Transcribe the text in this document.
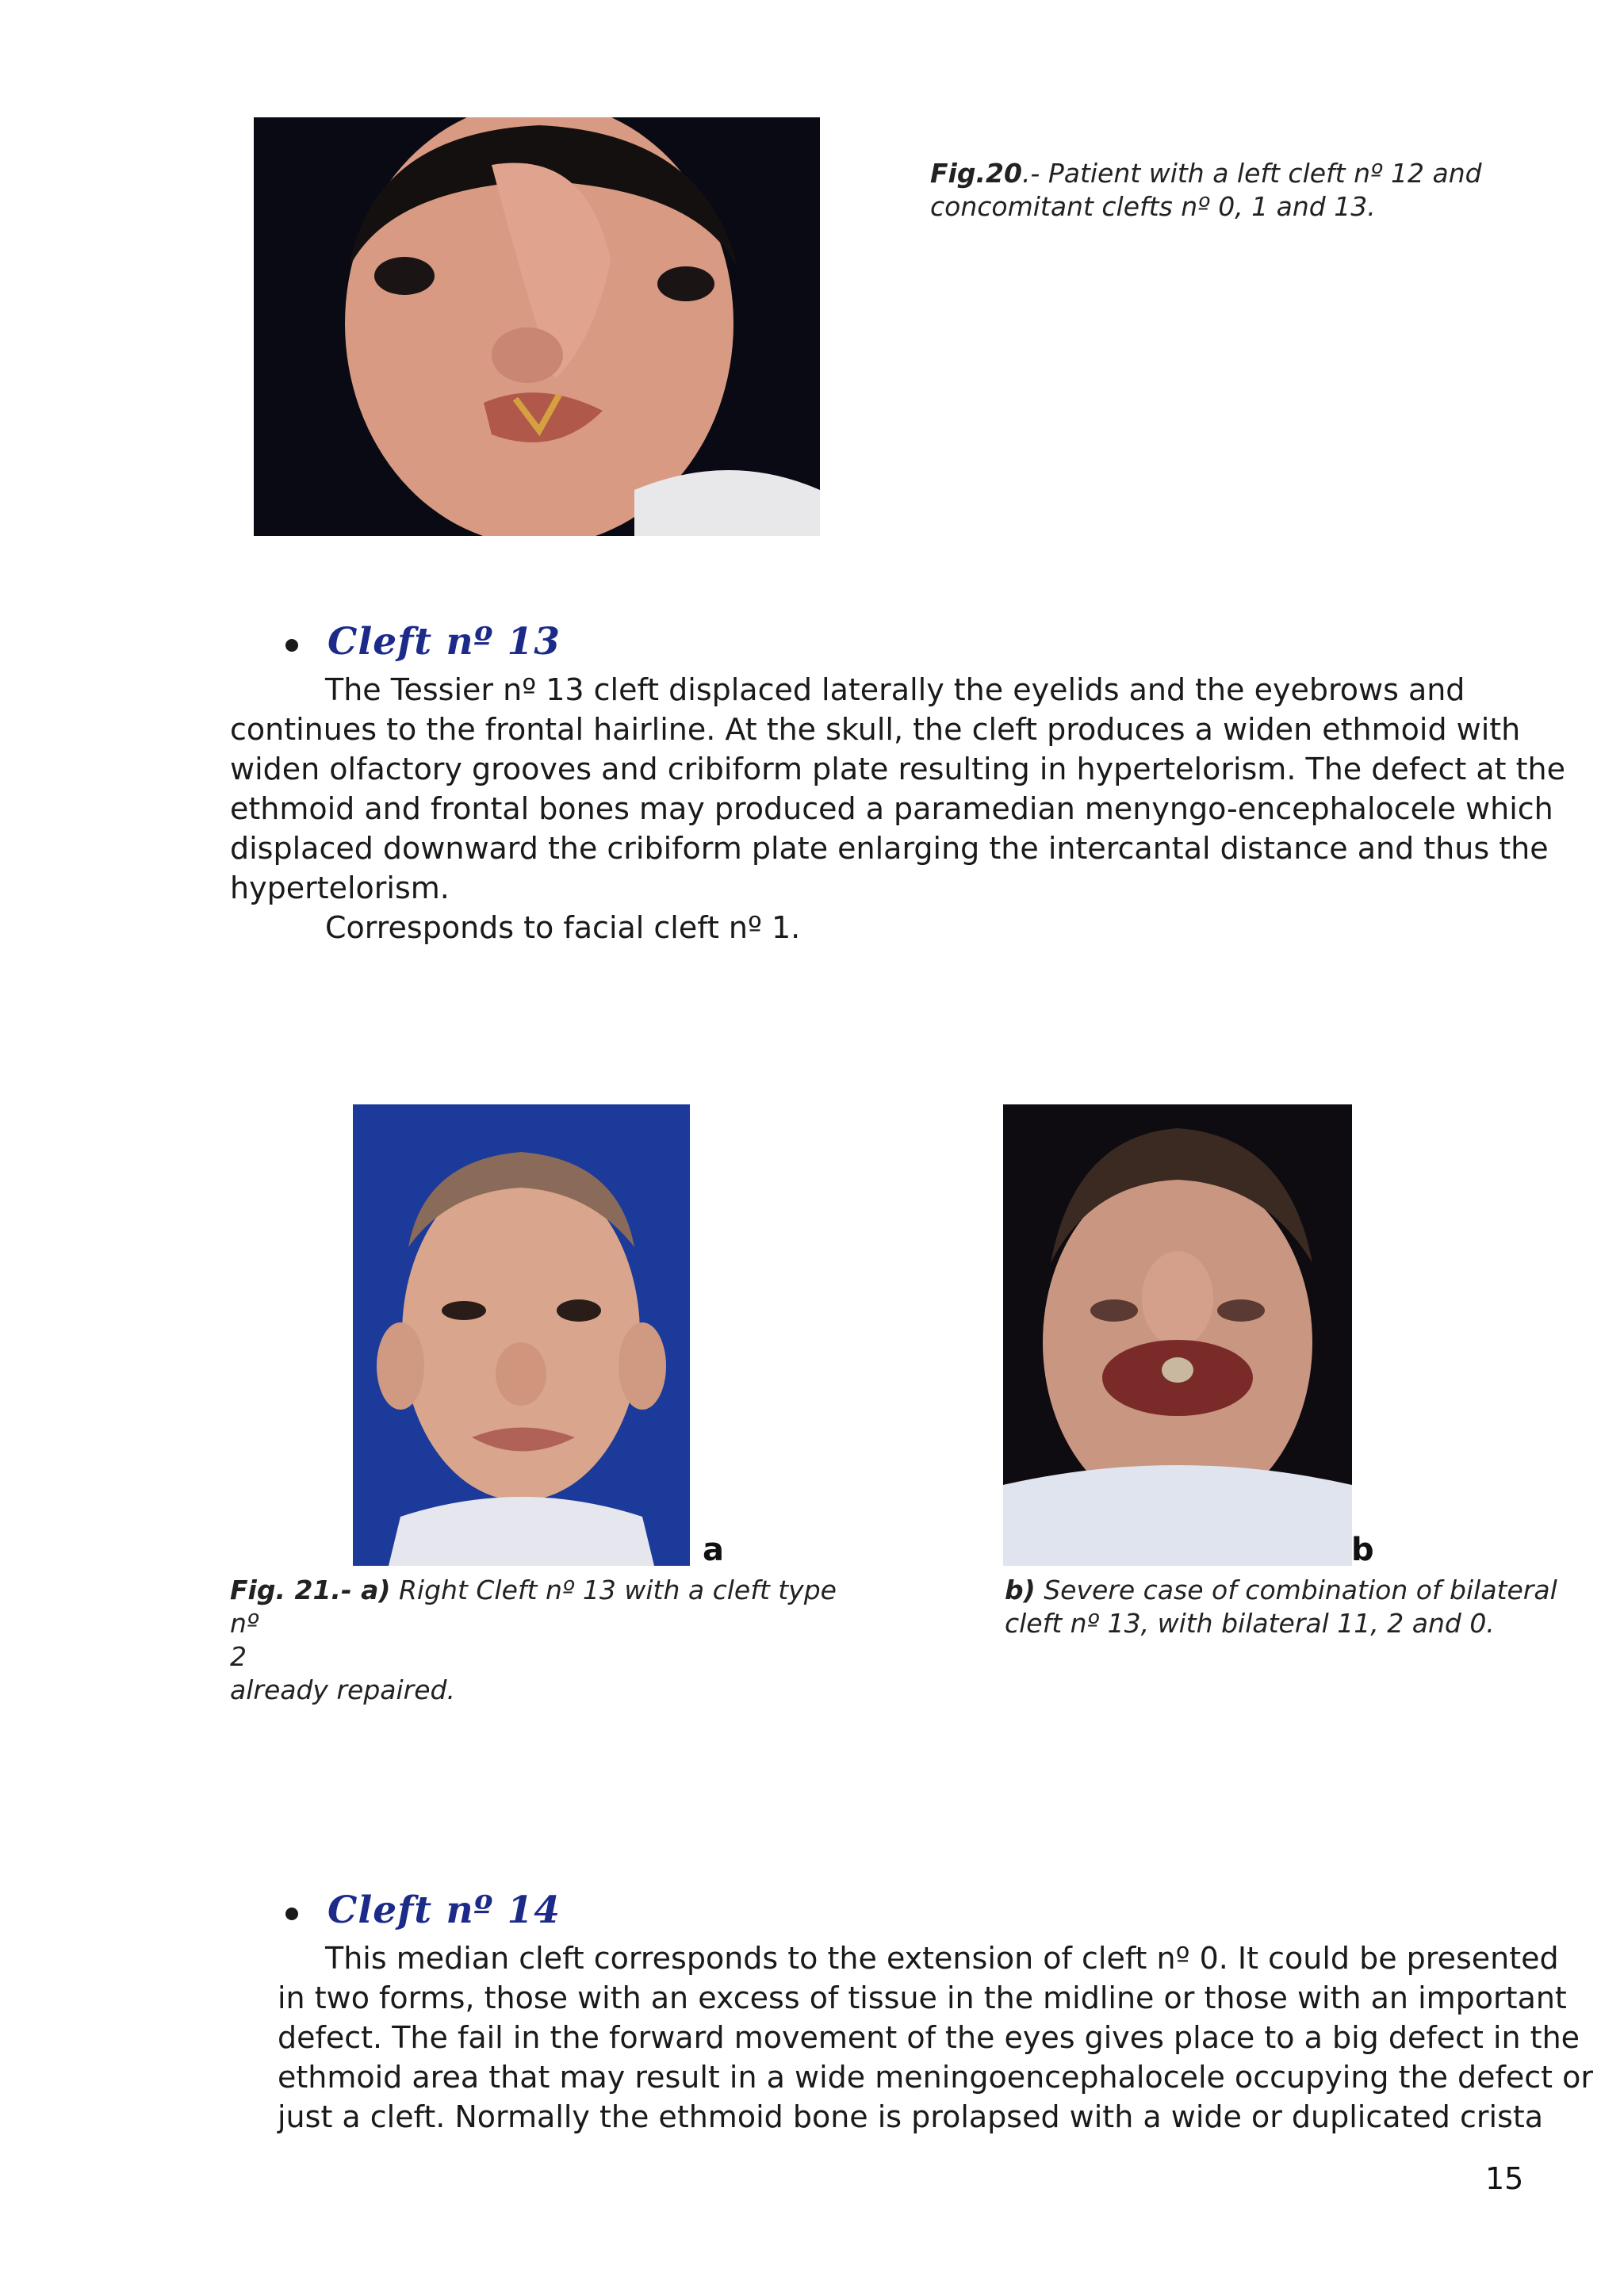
Fig.20.- Patient with a left cleft nº 12 and
concomitant clefts nº 0, 1 and 13.
Cleft nº 13
The Tessier nº 13 cleft displaced laterally the eyelids and the eyebrows and
continues to the frontal hairline. At the skull, the cleft produces a widen ethmoid with
widen olfactory grooves and cribiform plate resulting in hypertelorism. The defect at the
ethmoid and frontal bones may produced a paramedian menyngo-encephalocele which
displaced downward the cribiform plate enlarging the intercantal distance and thus the
hypertelorism.
Corresponds to facial cleft nº 1.
a	b
Fig. 21.- a) Right Cleft nº 13 with a cleft type nº
2
already repaired.
b) Severe case of combination of bilateral
cleft nº 13, with bilateral 11, 2 and 0.
Cleft nº 14
This median cleft corresponds to the extension of cleft nº 0. It could be presented
in two forms, those with an excess of tissue in the midline or those with an important
defect. The fail in the forward movement of the eyes gives place to a big defect in the
ethmoid area that may result in a wide meningoencephalocele occupying the defect or
just a cleft. Normally the ethmoid bone is prolapsed with a wide or duplicated crista
15
